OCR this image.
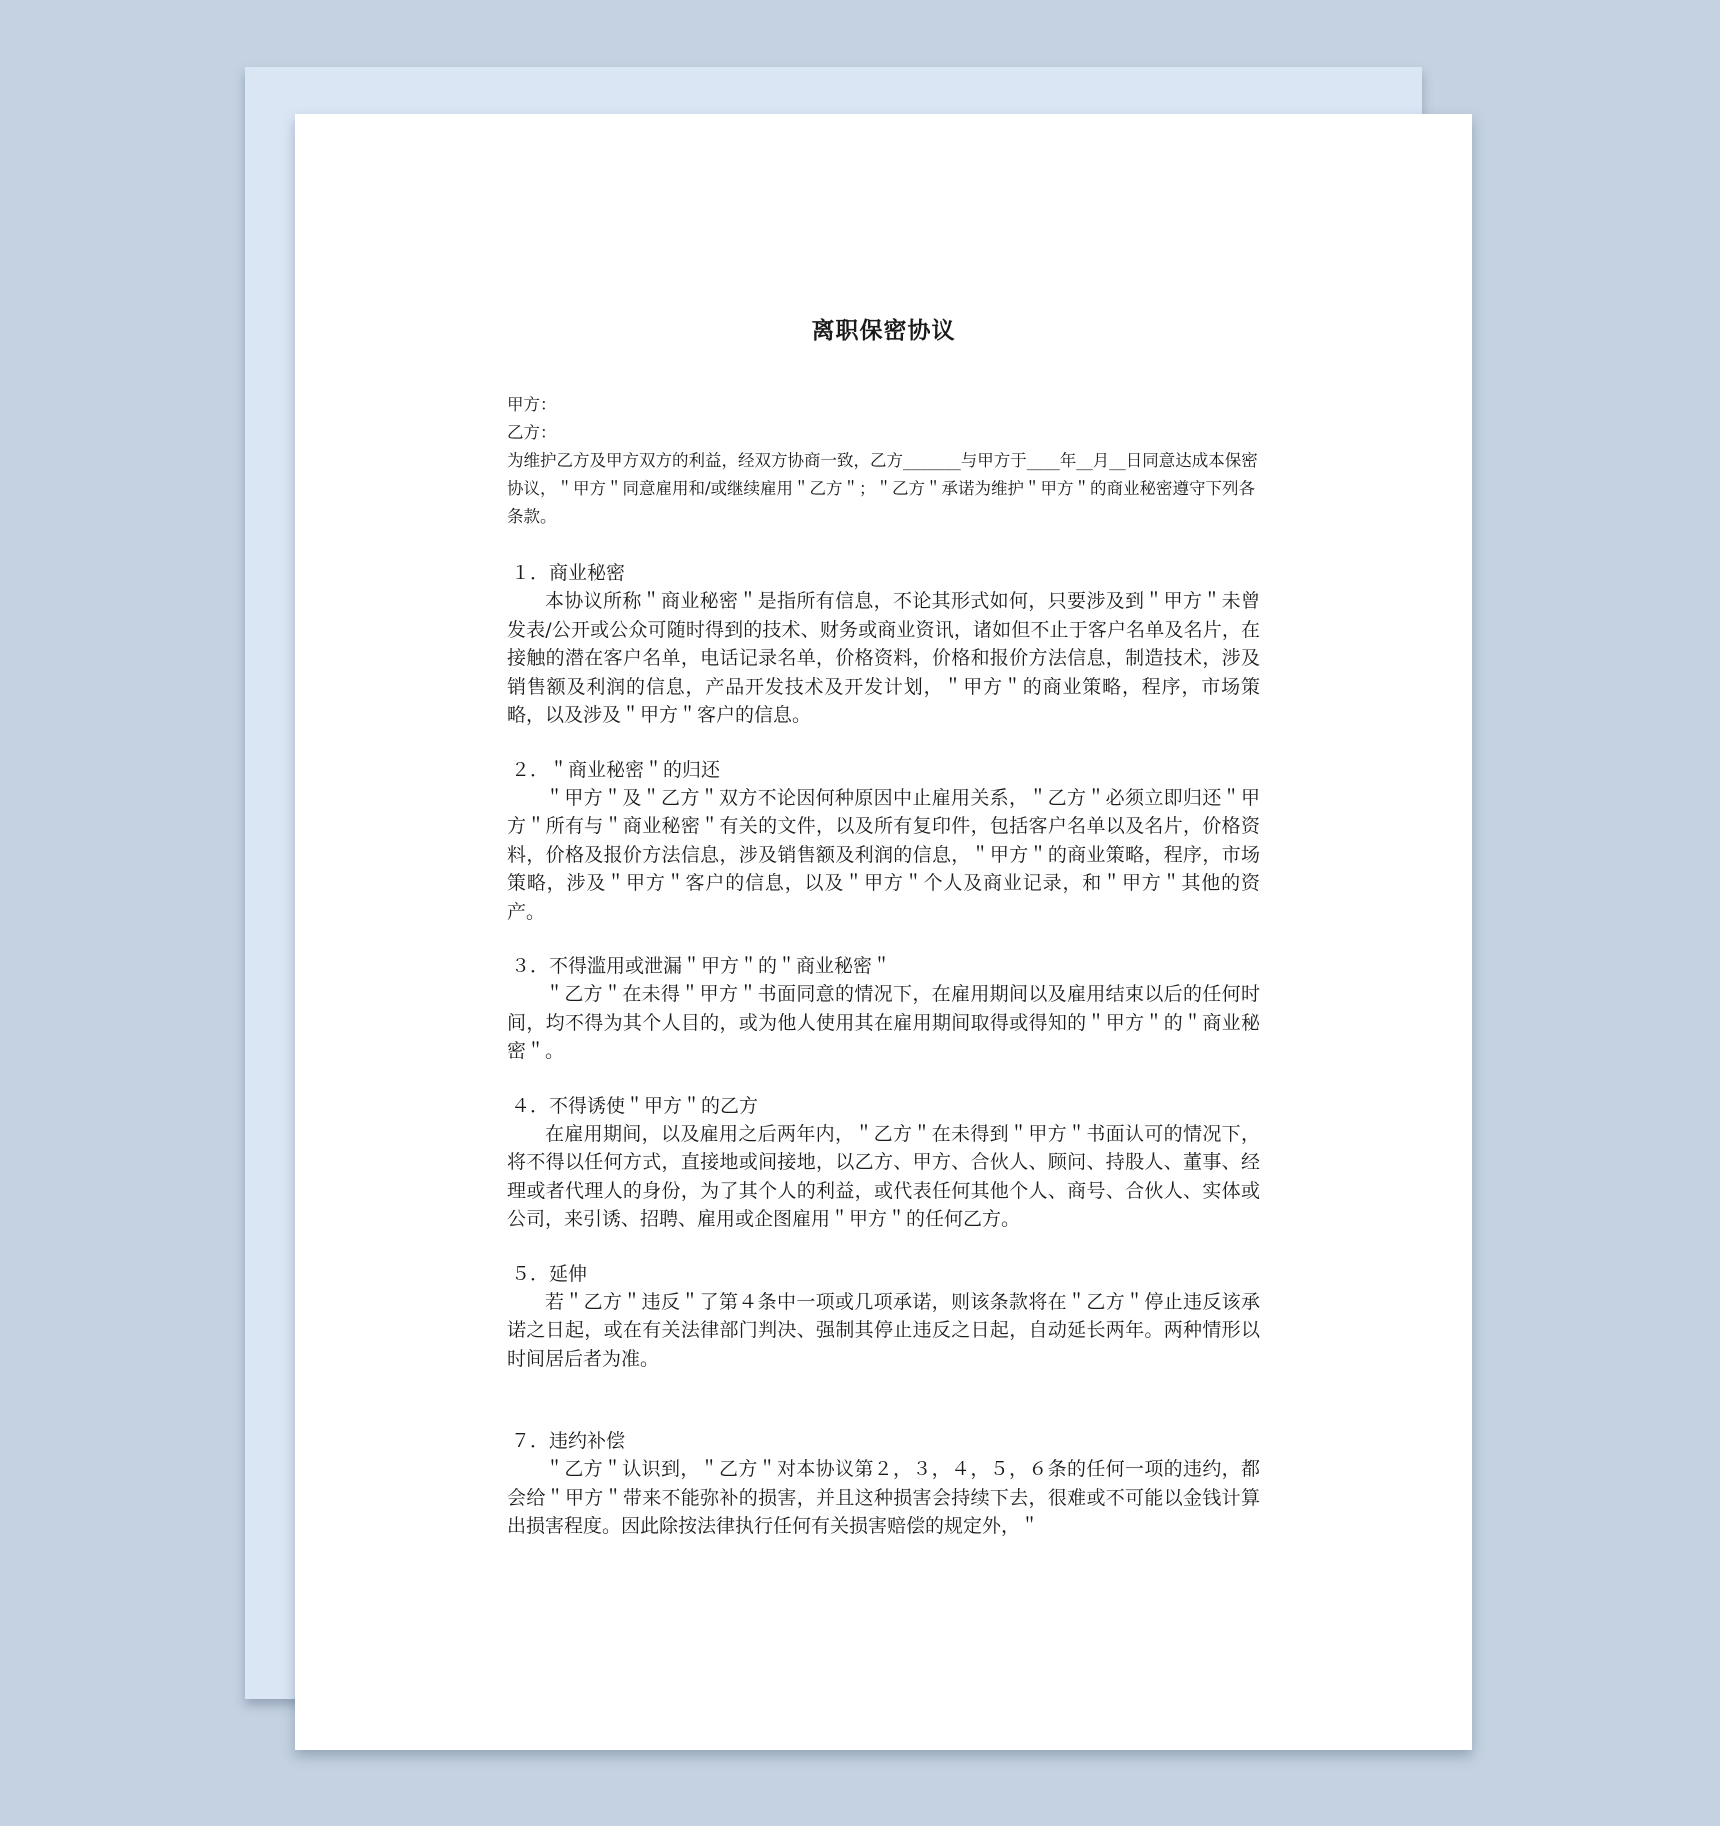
离职保密协议

甲方：

乙方：

为维护乙方及甲方双方的利益，经双方协商一致，乙方_______与甲方于____年__月__日同意达成本保密协议，＂甲方＂同意雇用和/或继续雇用＂乙方＂；＂乙方＂承诺为维护＂甲方＂的商业秘密遵守下列各条款。

１．商业秘密

本协议所称＂商业秘密＂是指所有信息，不论其形式如何，只要涉及到＂甲方＂未曾发表/公开或公众可随时得到的技术、财务或商业资讯，诸如但不止于客户名单及名片，在接触的潜在客户名单，电话记录名单，价格资料，价格和报价方法信息，制造技术，涉及销售额及利润的信息，产品开发技术及开发计划，＂甲方＂的商业策略，程序，市场策略，以及涉及＂甲方＂客户的信息。

２．＂商业秘密＂的归还

＂甲方＂及＂乙方＂双方不论因何种原因中止雇用关系，＂乙方＂必须立即归还＂甲方＂所有与＂商业秘密＂有关的文件，以及所有复印件，包括客户名单以及名片，价格资料，价格及报价方法信息，涉及销售额及利润的信息，＂甲方＂的商业策略，程序，市场策略，涉及＂甲方＂客户的信息，以及＂甲方＂个人及商业记录，和＂甲方＂其他的资产。

３．不得滥用或泄漏＂甲方＂的＂商业秘密＂

＂乙方＂在未得＂甲方＂书面同意的情况下，在雇用期间以及雇用结束以后的任何时间，均不得为其个人目的，或为他人使用其在雇用期间取得或得知的＂甲方＂的＂商业秘密＂。

４．不得诱使＂甲方＂的乙方

在雇用期间，以及雇用之后两年内，＂乙方＂在未得到＂甲方＂书面认可的情况下，将不得以任何方式，直接地或间接地，以乙方、甲方、合伙人、顾问、持股人、董事、经理或者代理人的身份，为了其个人的利益，或代表任何其他个人、商号、合伙人、实体或公司，来引诱、招聘、雇用或企图雇用＂甲方＂的任何乙方。

５．延伸

若＂乙方＂违反＂了第４条中一项或几项承诺，则该条款将在＂乙方＂停止违反该承诺之日起，或在有关法律部门判决、强制其停止违反之日起，自动延长两年。两种情形以时间居后者为准。

７．违约补偿

＂乙方＂认识到，＂乙方＂对本协议第２，３，４，５，６条的任何一项的违约，都会给＂甲方＂带来不能弥补的损害，并且这种损害会持续下去，很难或不可能以金钱计算出损害程度。因此除按法律执行任何有关损害赔偿的规定外，＂
